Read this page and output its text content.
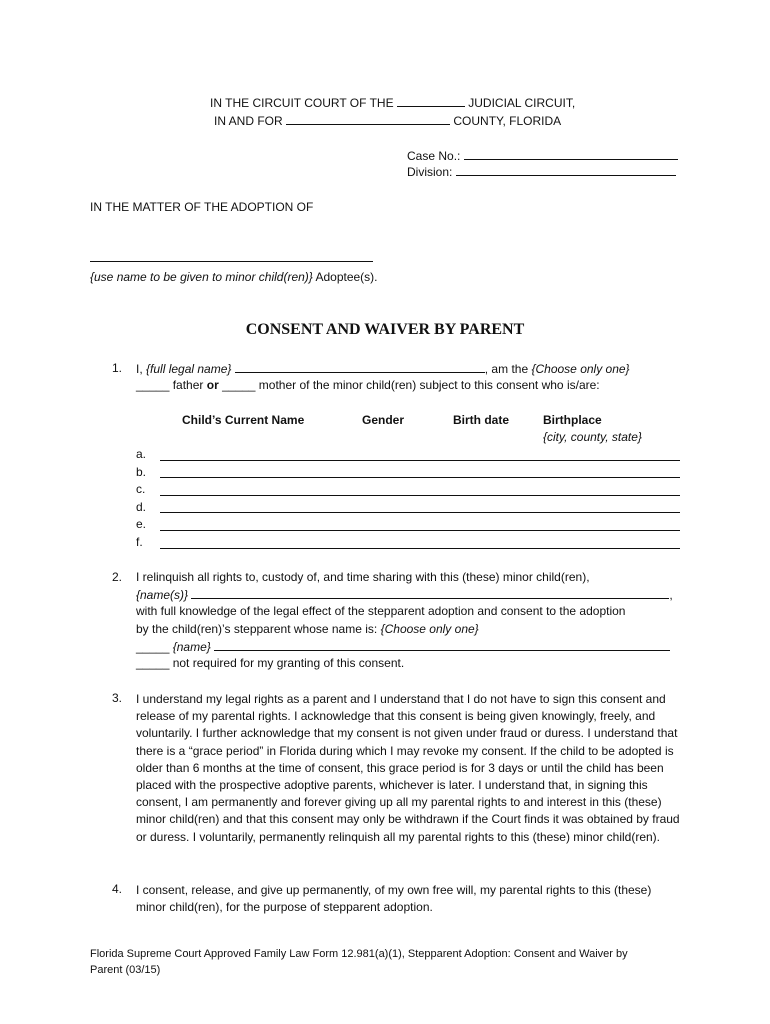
IN THE CIRCUIT COURT OF THE	JUDICIAL CIRCUIT,
IN AND FOR	COUNTY, FLORIDA
Case No.:
Division:
IN THE MATTER OF THE ADOPTION OF
{use name to be given to minor child(ren)} Adoptee(s).
CONSENT AND WAIVER BY PARENT
1. I, {full legal name}	, am the {Choose only one}
_____ father or _____ mother of the minor child(ren) subject to this consent who is/are:
Child’s Current Name	Gender	Birth date	Birthplace
{city, county, state}
a.
b.
c.
d.
e.
f.
2. I relinquish all rights to, custody of, and time sharing with this (these) minor child(ren),
{name(s)}	,
with full knowledge of the legal effect of the stepparent adoption and consent to the adoption
by the child(ren)’s stepparent whose name is: {Choose only one}
_____ {name}
_____ not required for my granting of this consent.
3. I understand my legal rights as a parent and I understand that I do not have to sign this consent and release of my parental rights. I acknowledge that this consent is being given knowingly, freely, and voluntarily. I further acknowledge that my consent is not given under fraud or duress. I understand that there is a “grace period” in Florida during which I may revoke my consent. If the child to be adopted is older than 6 months at the time of consent, this grace period is for 3 days or until the child has been placed with the prospective adoptive parents, whichever is later. I understand that, in signing this consent, I am permanently and forever giving up all my parental rights to and interest in this (these) minor child(ren) and that this consent may only be withdrawn if the Court finds it was obtained by fraud or duress. I voluntarily, permanently relinquish all my parental rights to this (these) minor child(ren).
4. I consent, release, and give up permanently, of my own free will, my parental rights to this (these) minor child(ren), for the purpose of stepparent adoption.
Florida Supreme Court Approved Family Law Form 12.981(a)(1), Stepparent Adoption: Consent and Waiver by
Parent (03/15)
